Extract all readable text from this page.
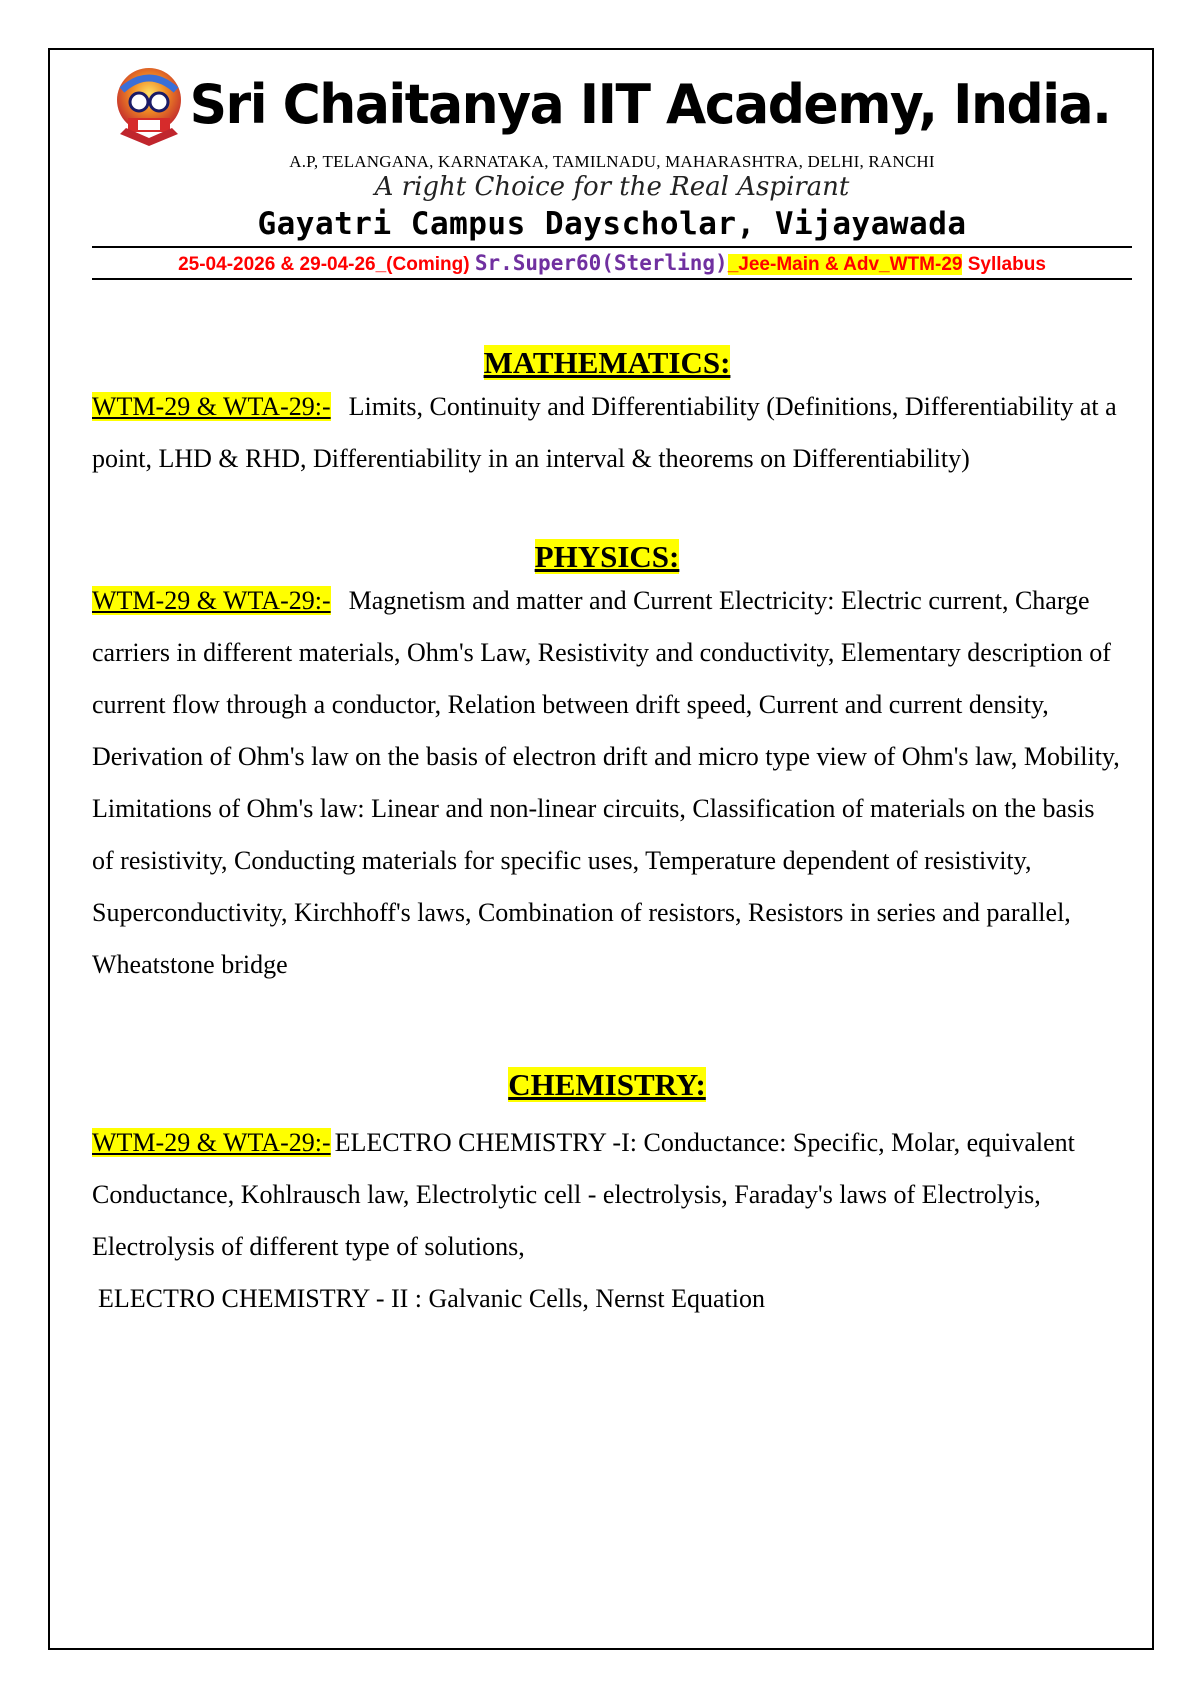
Sri Chaitanya IIT Academy, India.
A.P, TELANGANA, KARNATAKA, TAMILNADU, MAHARASHTRA, DELHI, RANCHI
A right Choice for the Real Aspirant
Gayatri Campus Dayscholar, Vijayawada
25-04-2026 & 29-04-26_(Coming) Sr.Super60(Sterling)_Jee-Main & Adv_WTM-29 Syllabus
MATHEMATICS:

WTM-29 & WTA-29:- Limits, Continuity and Differentiability (Definitions, Differentiability at a point, LHD & RHD, Differentiability in an interval & theorems on Differentiability)

PHYSICS:

WTM-29 & WTA-29:- Magnetism and matter and Current Electricity: Electric current, Charge carriers in different materials, Ohm's Law, Resistivity and conductivity, Elementary description of current flow through a conductor, Relation between drift speed, Current and current density, Derivation of Ohm's law on the basis of electron drift and micro type view of Ohm's law, Mobility, Limitations of Ohm's law: Linear and non-linear circuits, Classification of materials on the basis of resistivity, Conducting materials for specific uses, Temperature dependent of resistivity, Superconductivity, Kirchhoff's laws, Combination of resistors, Resistors in series and parallel, Wheatstone bridge

CHEMISTRY:

WTM-29 & WTA-29:- ELECTRO CHEMISTRY -I: Conductance: Specific, Molar, equivalent Conductance, Kohlrausch law, Electrolytic cell - electrolysis, Faraday's laws of Electrolyis, Electrolysis of different type of solutions,

ELECTRO CHEMISTRY - II : Galvanic Cells, Nernst Equation
